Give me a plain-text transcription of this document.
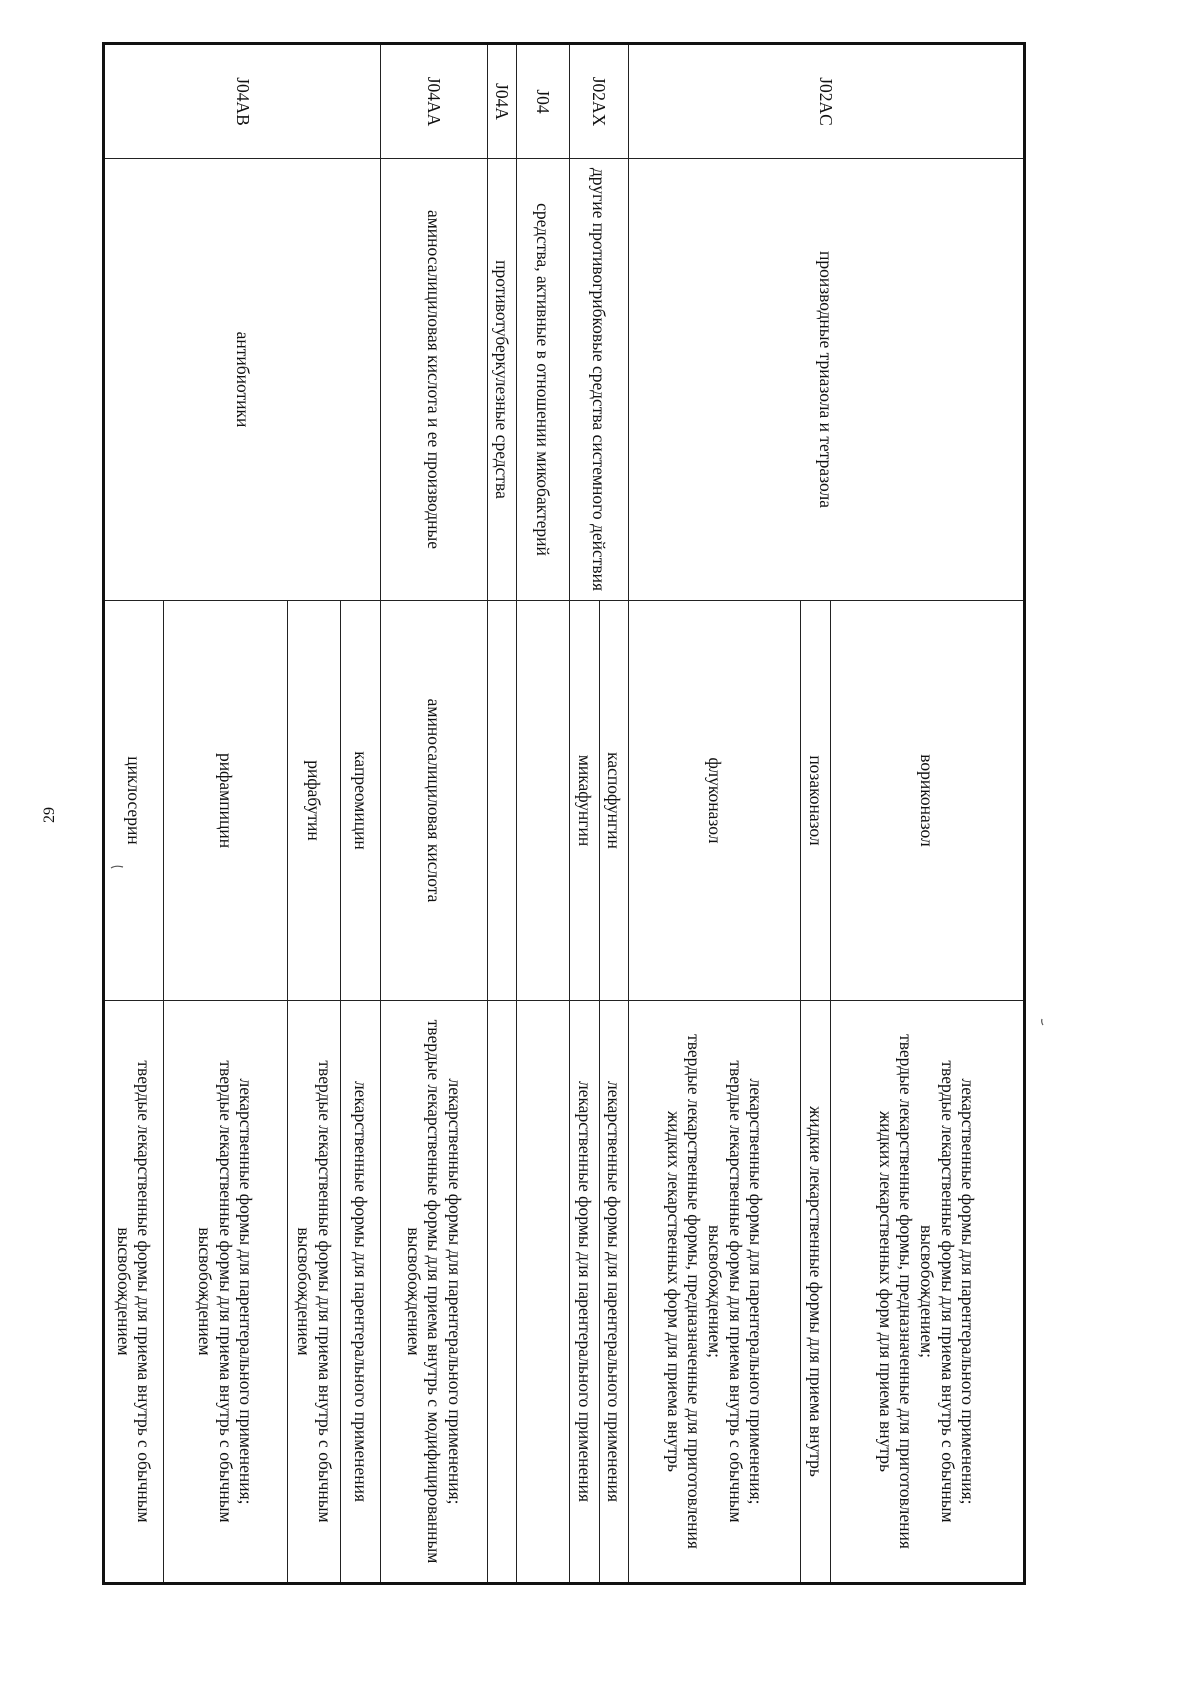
29
J02AC	производные триазола и тетразола	вориконазол	лекарственные формы для парентерального применения;
твердые лекарственные формы для приема внутрь с обычным высвобождением;
твердые лекарственные формы, предназначенные для приготовления жидких лекарственных форм для приема внутрь

		позаконазол	жидкие лекарственные формы для приема внутрь

		флуконазол	лекарственные формы для парентерального применения;
твердые лекарственные формы для приема внутрь с обычным высвобождением;
твердые лекарственные формы, предназначенные для приготовления жидких лекарственных форм для приема внутрь

J02AX	другие противогрибковые средства системного действия	каспофунгин	лекарственные формы для парентерального применения

		микафунгин	лекарственные формы для парентерального применения

J04	средства, активные в отношении микобактерий		
J04A	противотуберкулезные средства		
J04AA	аминосалициловая кислота и ее производные	аминосалициловая кислота	лекарственные формы для парентерального применения;
твердые лекарственные формы для приема внутрь с модифицированным высвобождением

J04AB	антибиотики	капреомицин	лекарственные формы для парентерального применения

		рифабутин	твердые лекарственные формы для приема внутрь с обычным высвобождением

		рифампицин	лекарственные формы для парентерального применения;
твердые лекарственные формы для приема внутрь с обычным высвобождением

		циклосерин	твердые лекарственные формы для приема внутрь с обычным высвобождением
